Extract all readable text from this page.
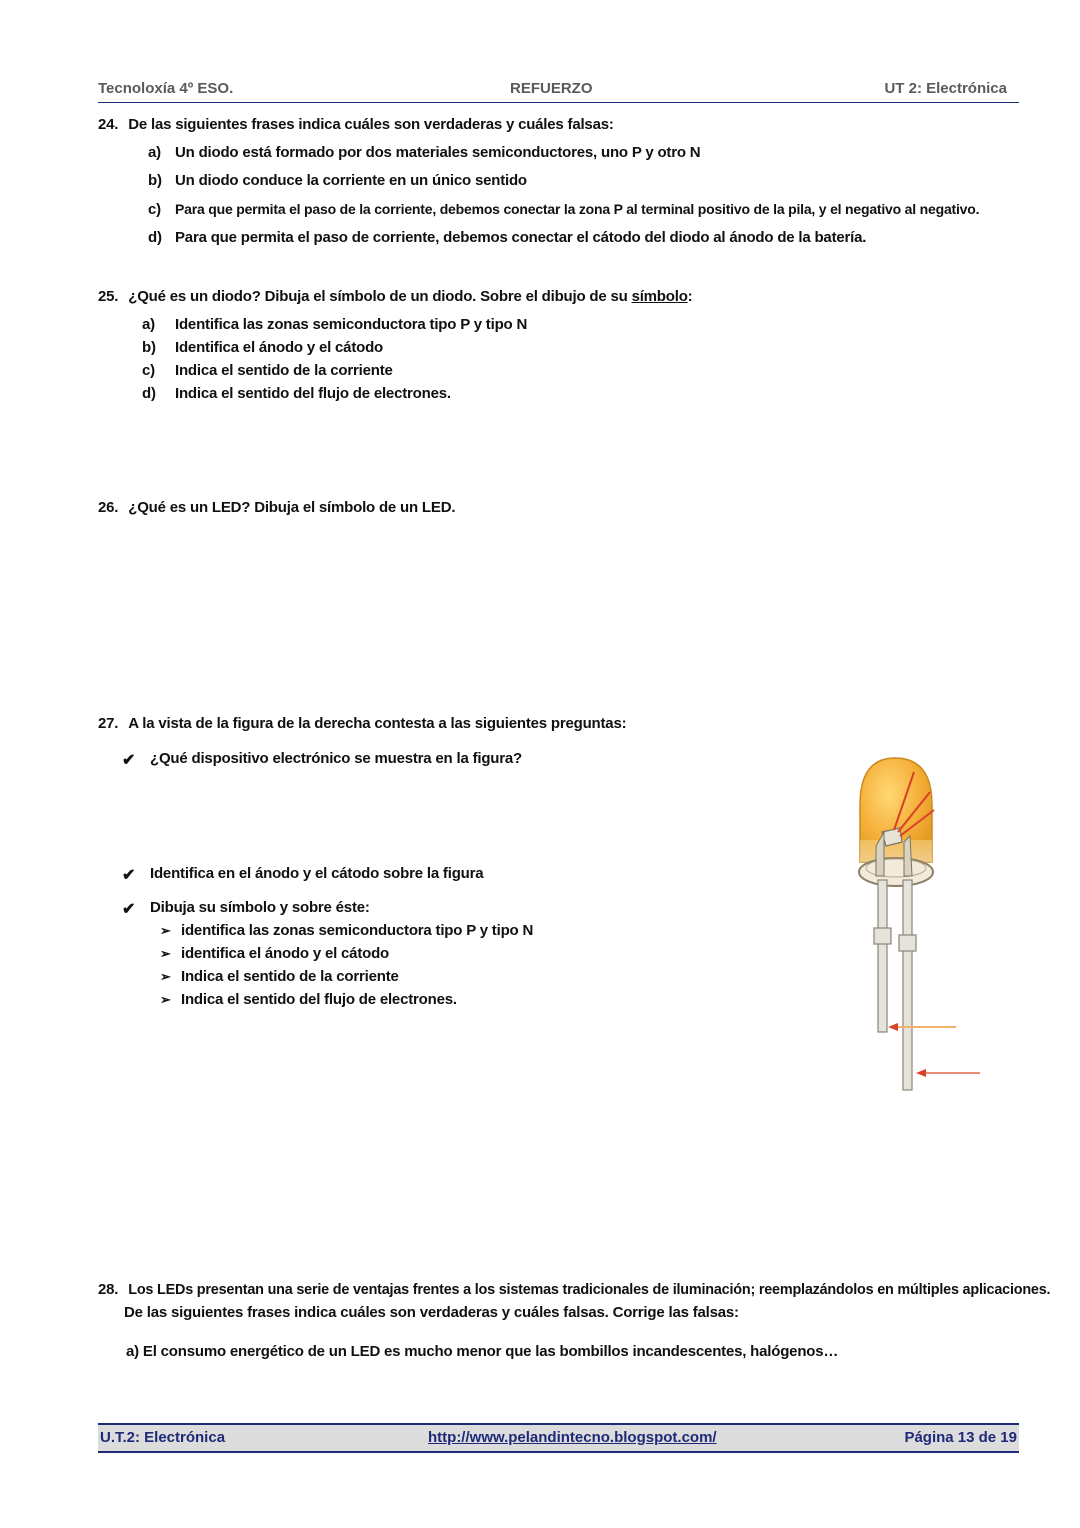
Tecnoloxía 4º ESO.	REFUERZO	UT 2: Electrónica
24. De las siguientes frases indica cuáles son verdaderas y cuáles falsas:
a) Un diodo está formado por dos materiales semiconductores, uno P y otro N
b) Un diodo conduce la corriente en un único sentido
c) Para que permita el paso de la corriente, debemos conectar la zona P al terminal positivo de la pila, y el negativo al negativo.
d) Para que permita el paso de corriente, debemos conectar el cátodo del diodo al ánodo de la batería.
25. ¿Qué es un diodo? Dibuja el símbolo de un diodo. Sobre el dibujo de su símbolo:
a) Identifica las zonas semiconductora tipo P y tipo N
b) Identifica el ánodo y el cátodo
c) Indica el sentido de la corriente
d) Indica el sentido del flujo de electrones.
26. ¿Qué es un LED? Dibuja el símbolo de un LED.
27. A la vista de la figura de la derecha contesta a las siguientes preguntas:
✔ ¿Qué dispositivo electrónico se muestra en la figura?
✔ Identifica en el ánodo y el cátodo sobre la figura
✔ Dibuja su símbolo y sobre éste:
➢ identifica las zonas semiconductora tipo P y tipo N
➢ identifica el ánodo y el cátodo
➢ Indica el sentido de la corriente
➢ Indica el sentido del flujo de electrones.
28. Los LEDs presentan una serie de ventajas frentes a los sistemas tradicionales de iluminación; reemplazándolos en múltiples aplicaciones.
De las siguientes frases indica cuáles son verdaderas y cuáles falsas. Corrige las falsas:
a) El consumo energético de un LED es mucho menor que las bombillos incandescentes, halógenos…
U.T.2: Electrónica	http://www.pelandintecno.blogspot.com/	Página 13 de 19
